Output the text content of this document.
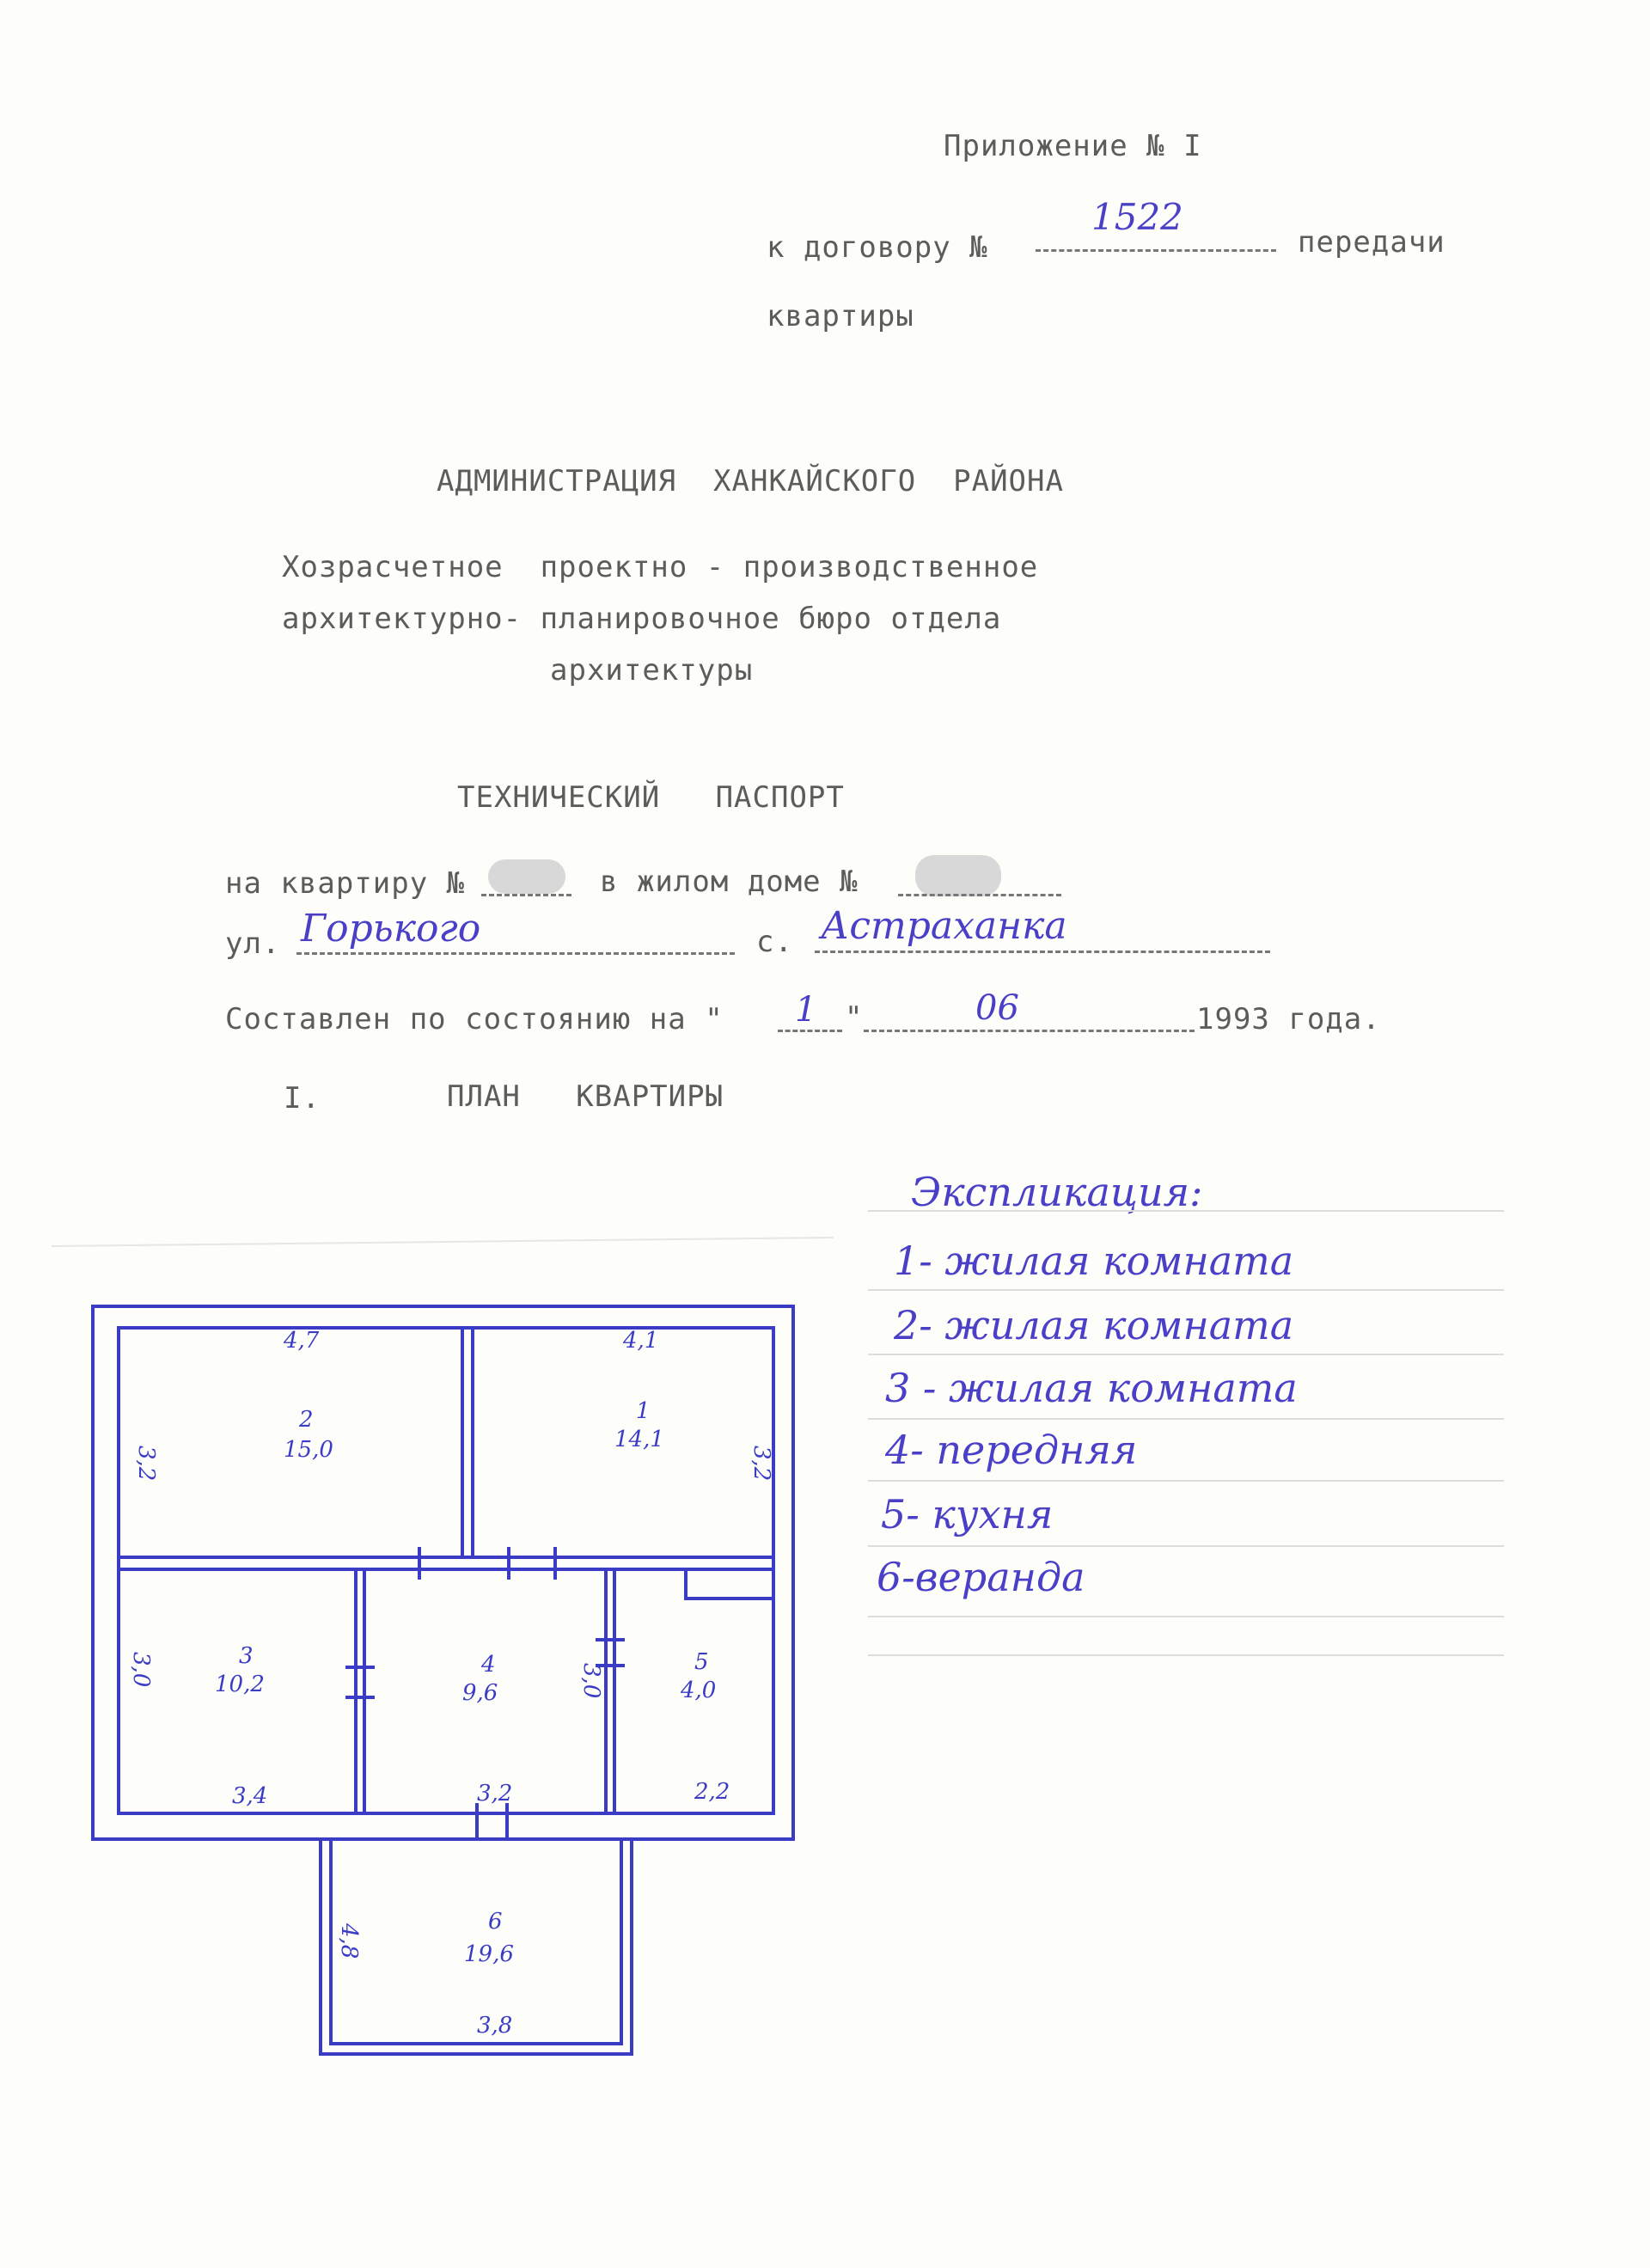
Приложение № I
к договору №
1522
передачи
квартиры
АДМИНИСТРАЦИЯ  ХАНКАЙСКОГО  РАЙОНА
Хозрасчетное  проектно - производственное
архитектурно- планировочное бюро отдела
архитектуры
ТЕХНИЧЕСКИЙ   ПАСПОРТ
на квартиру №	в жилом доме №
ул. Горького	с. Астраханка
Составлен по состоянию на " 1 "	06	1993 года.
I.	ПЛАН   КВАРТИРЫ
Экспликация:
1- жилая комната
2- жилая комната
3 - жилая комната
4- передняя
5- кухня
6-веранда
4,7	4,1
3,2	3,2
2
15,0
1
14,1
3,0	3
10,2
4
9,6	3,0
5
4,0
3,4	3,2	2,2
4,8
6
19,6
3,8
